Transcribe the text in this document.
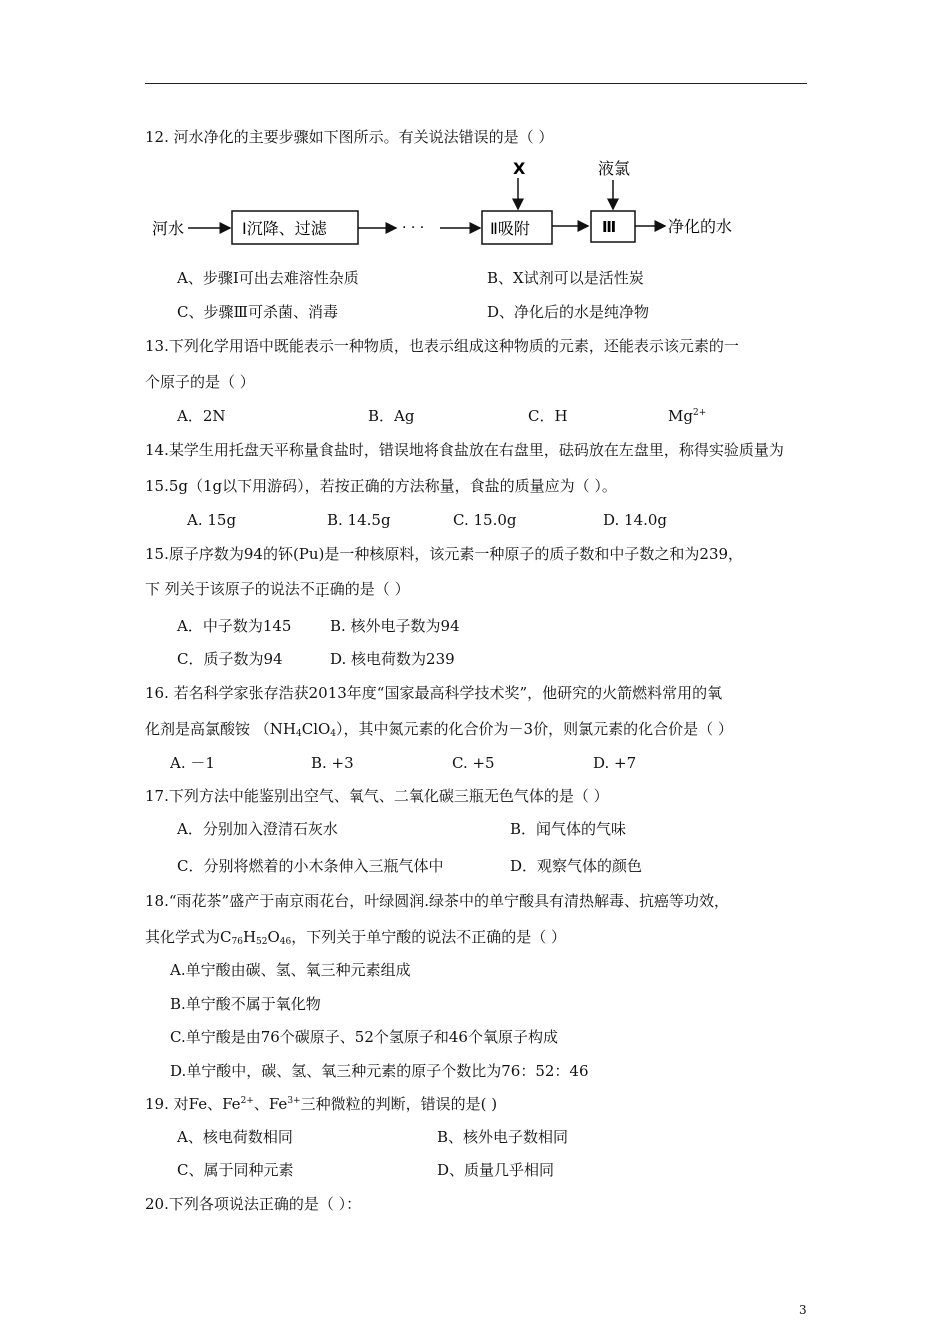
12. 河水净化的主要步骤如下图所示。有关说法错误的是（ ）
河水	Ⅰ沉降、过滤	· · ·	Ⅱ吸附	Ⅲ	净化的水
X	液氯
A、步骤Ⅰ可出去难溶性杂质	B、X试剂可以是活性炭
C、步骤Ⅲ可杀菌、消毒	D、净化后的水是纯净物
13.下列化学用语中既能表示一种物质，也表示组成这种物质的元素，还能表示该元素的一
个原子的是（ ）
A．2N	B．Ag	C．H	$Mg^{2+}$
14.某学生用托盘天平称量食盐时，错误地将食盐放在右盘里，砝码放在左盘里，称得实验质量为
15.5g（1g以下用游码），若按正确的方法称量，食盐的质量应为（ ）。
A. 15g	B. 14.5g	C. 15.0g	D. 14.0g
15.原子序数为94的钚(Pu)是一种核原料，该元素一种原子的质子数和中子数之和为239，
下 列关于该原子的说法不正确的是（ ）
A．中子数为145	B. 核外电子数为94
C．质子数为94	D. 核电荷数为239
16. 若名科学家张存浩获2013年度“国家最高科学技术奖”，他研究的火箭燃料常用的氧
化剂是高氯酸铵 $(NH_4ClO_4)$，其中氮元素的化合价为－3价，则氯元素的化合价是（ ）
A. －1	B. +3	C. +5	D. +7
17.下列方法中能鉴别出空气、氧气、二氧化碳三瓶无色气体的是（ ）
A．分别加入澄清石灰水	B．闻气体的气味
C．分别将燃着的小木条伸入三瓶气体中	D．观察气体的颜色
18.“雨花茶”盛产于南京雨花台，叶绿圆润.绿茶中的单宁酸具有清热解毒、抗癌等功效，
其化学式为$C_{76}H_{52}O_{46}$，下列关于单宁酸的说法不正确的是（ ）
A.单宁酸由碳、氢、氧三种元素组成
B.单宁酸不属于氧化物
C.单宁酸是由76个碳原子、52个氢原子和46个氧原子构成
D.单宁酸中，碳、氢、氧三种元素的原子个数比为76：52：46
19. 对Fe、$Fe^{2+}$、$Fe^{3+}$三种微粒的判断，错误的是( )
A、核电荷数相同	B、核外电子数相同
C、属于同种元素	D、质量几乎相同
20.下列各项说法正确的是（ ）：
3
